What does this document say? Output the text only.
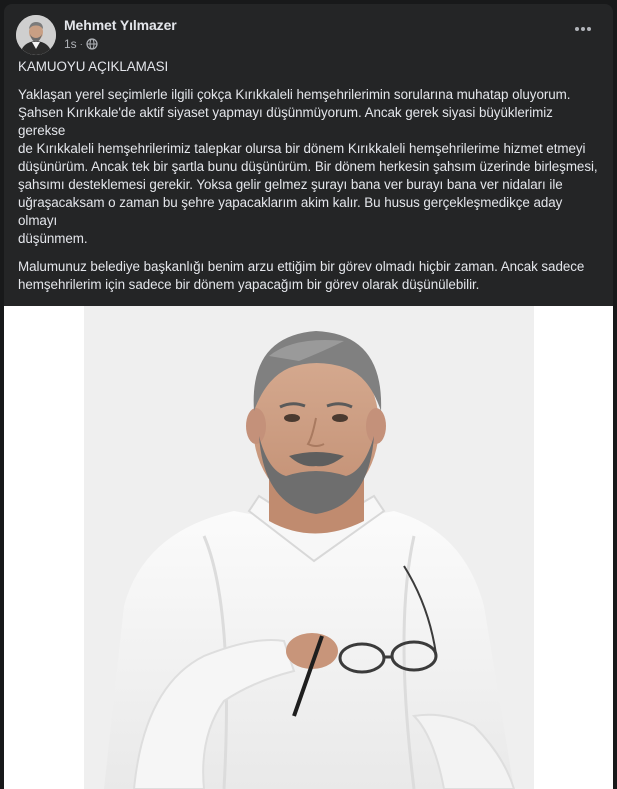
Mehmet Yılmazer
1s ·

KAMUOYU AÇIKLAMASI

Yaklaşan yerel seçimlerle ilgili çokça Kırıkkaleli hemşehrilerimin sorularına muhatap oluyorum.
Şahsen Kırıkkale'de aktif siyaset yapmayı düşünmüyorum. Ancak gerek siyasi büyüklerimiz gerekse
de Kırıkkaleli hemşehrilerimiz talepkar olursa bir dönem Kırıkkaleli hemşehrilerime hizmet etmeyi
düşünürüm. Ancak tek bir şartla bunu düşünürüm. Bir dönem herkesin şahsım üzerinde birleşmesi,
şahsımı desteklemesi gerekir. Yoksa gelir gelmez şurayı bana ver burayı bana ver nidaları ile
uğraşacaksam o zaman bu şehre yapacaklarım akim kalır. Bu husus gerçekleşmedikçe aday olmayı
düşünmem.

Malumunuz belediye başkanlığı benim arzu ettiğim bir görev olmadı hiçbir zaman. Ancak sadece
hemşehrilerim için sadece bir dönem yapacağım bir görev olarak düşünülebilir.
